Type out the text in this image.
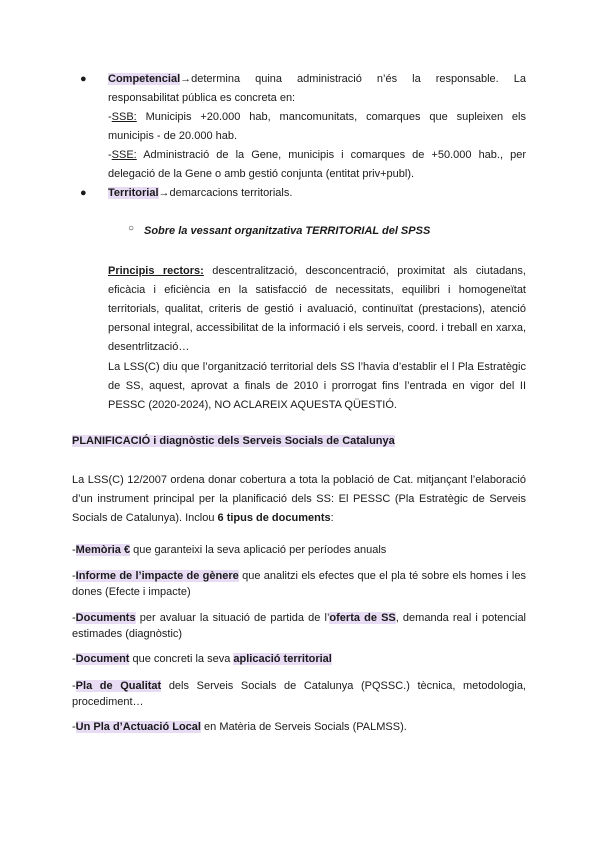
● Competencial→determina quina administració n’és la responsable. La responsabilitat pública es concreta en:
-SSB: Municipis +20.000 hab, mancomunitats, comarques que supleixen els municipis - de 20.000 hab.
-SSE: Administració de la Gene, municipis i comarques de +50.000 hab., per delegació de la Gene o amb gestió conjunta (entitat priv+publ).
● Territorial→demarcacions territorials.
○ Sobre la vessant organitzativa TERRITORIAL del SPSS
Principis rectors: descentralització, desconcentració, proximitat als ciutadans, eficàcia i eficiència en la satisfacció de necessitats, equilibri i homogeneïtat territorials, qualitat, criteris de gestió i avaluació, continuïtat (prestacions), atenció personal integral, accessibilitat de la informació i els serveis, coord. i treball en xarxa, desentrlització…
La LSS(C) diu que l’organització territorial dels SS l’havia d’establir el l Pla Estratègic de SS, aquest, aprovat a finals de 2010 i prorrogat fins l’entrada en vigor del II PESSC (2020-2024), NO ACLAREIX AQUESTA QÜESTIÓ.
PLANIFICACIÓ i diagnòstic dels Serveis Socials de Catalunya
La LSS(C) 12/2007 ordena donar cobertura a tota la població de Cat. mitjançant l’elaboració d’un instrument principal per la planificació dels SS: El PESSC (Pla Estratègic de Serveis Socials de Catalunya). Inclou 6 tipus de documents:
-Memòria € que garanteixi la seva aplicació per períodes anuals
-Informe de l’impacte de gènere que analitzi els efectes que el pla té sobre els homes i les dones (Efecte i impacte)
-Documents per avaluar la situació de partida de l’oferta de SS, demanda real i potencial estimades (diagnòstic)
-Document que concreti la seva aplicació territorial
-Pla de Qualitat dels Serveis Socials de Catalunya (PQSSC.) tècnica, metodologia, procediment…
-Un Pla d’Actuació Local en Matèria de Serveis Socials (PALMSS).
